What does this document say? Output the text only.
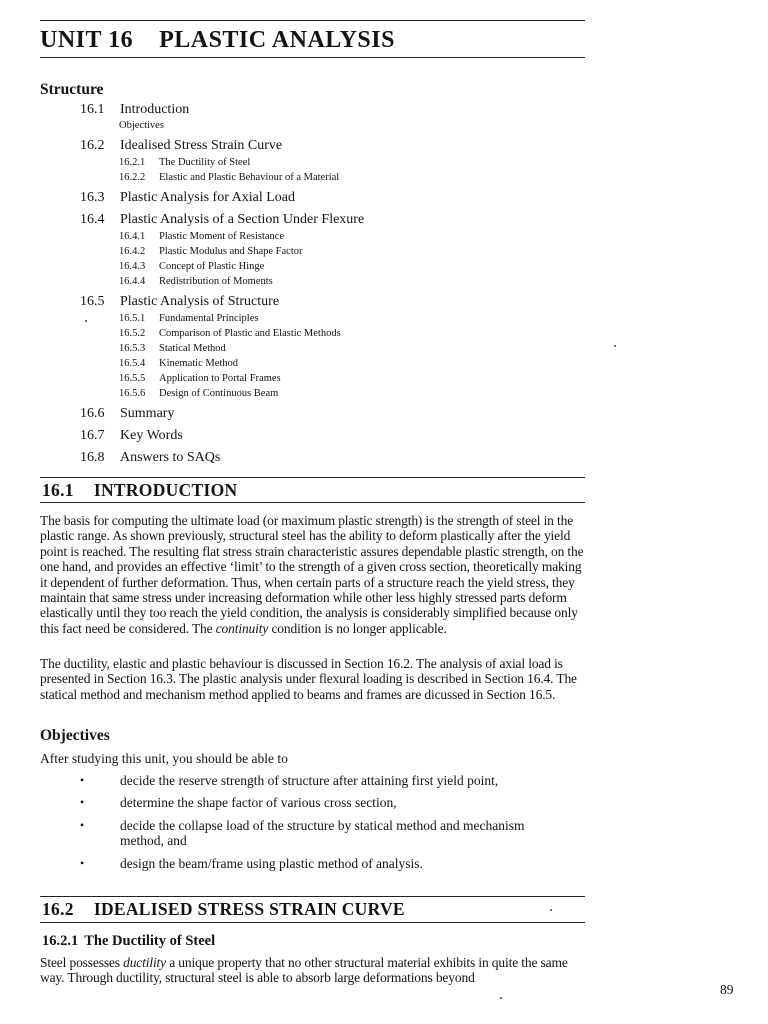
UNIT 16 PLASTIC ANALYSIS
Structure
16.1	Introduction
Objectives
16.2	Idealised Stress Strain Curve
16.2.1	The Ductility of Steel
16.2.2	Elastic and Plastic Behaviour of a Material
16.3	Plastic Analysis for Axial Load
16.4	Plastic Analysis of a Section Under Flexure
16.4.1	Plastic Moment of Resistance
16.4.2	Plastic Modulus and Shape Factor
16.4.3	Concept of Plastic Hinge
16.4.4	Redistribution of Moments
16.5	Plastic Analysis of Structure
16.5.1	Fundamental Principles
16.5.2	Comparison of Plastic and Elastic Methods
16.5.3	Statical Method
16.5.4	Kinematic Method
16.5.5	Application to Portal Frames
16.5.6	Design of Continuous Beam
16.6	Summary
16.7	Key Words
16.8	Answers to SAQs
16.1 INTRODUCTION
The basis for computing the ultimate load (or maximum plastic strength) is the strength of steel in the plastic range. As shown previously, structural steel has the ability to deform plastically after the yield point is reached. The resulting flat stress strain characteristic assures dependable plastic strength, on the one hand, and provides an effective ‘limit’ to the strength of a given cross section, theoretically making it dependent of further deformation. Thus, when certain parts of a structure reach the yield stress, they maintain that same stress under increasing deformation while other less highly stressed parts deform elastically until they too reach the yield condition, the analysis is considerably simplified because only this fact need be considered. The continuity condition is no longer applicable.
The ductility, elastic and plastic behaviour is discussed in Section 16.2. The analysis of axial load is presented in Section 16.3. The plastic analysis under flexural loading is described in Section 16.4. The statical method and mechanism method applied to beams and frames are dicussed in Section 16.5.
Objectives
After studying this unit, you should be able to
•	decide the reserve strength of structure after attaining first yield point,
•	determine the shape factor of various cross section,
•	decide the collapse load of the structure by statical method and mechanism method, and
•	design the beam/frame using plastic method of analysis.
16.2 IDEALISED STRESS STRAIN CURVE
16.2.1 The Ductility of Steel
Steel possesses ductility a unique property that no other structural material exhibits in quite the same way. Through ductility, structural steel is able to absorb large deformations beyond
89
